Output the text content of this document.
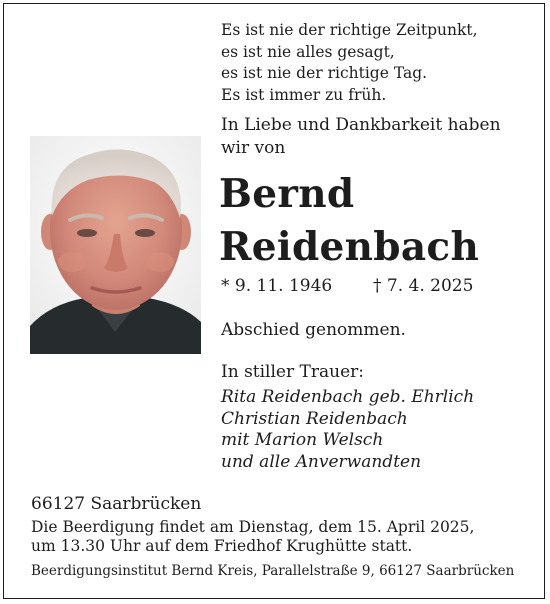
Es ist nie der richtige Zeitpunkt,
es ist nie alles gesagt,
es ist nie der richtige Tag.
Es ist immer zu früh.
In Liebe und Dankbarkeit haben
wir von
Bernd
Reidenbach
* 9. 11. 1946 † 7. 4. 2025
Abschied genommen.
In stiller Trauer:
Rita Reidenbach geb. Ehrlich
Christian Reidenbach
mit Marion Welsch
und alle Anverwandten
66127 Saarbrücken
Die Beerdigung findet am Dienstag, dem 15. April 2025,
um 13.30 Uhr auf dem Friedhof Krughütte statt.
Beerdigungsinstitut Bernd Kreis, Parallelstraße 9, 66127 Saarbrücken
